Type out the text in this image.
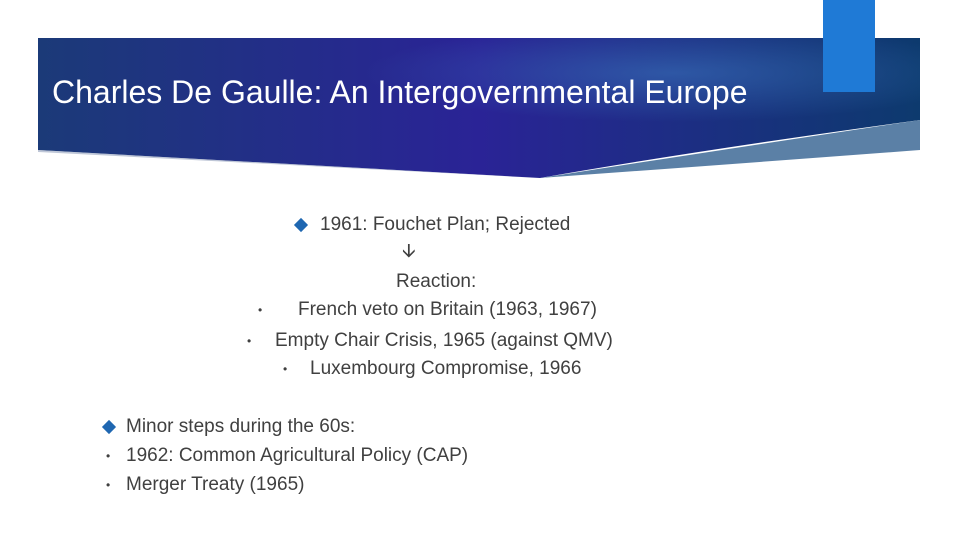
Charles De Gaulle: An Intergovernmental Europe
1961: Fouchet Plan; Rejected
🡫
Reaction:
• French veto on Britain (1963, 1967)
• Empty Chair Crisis, 1965 (against QMV)
• Luxembourg Compromise, 1966
Minor steps during the 60s:
• 1962: Common Agricultural Policy (CAP)
• Merger Treaty (1965)
